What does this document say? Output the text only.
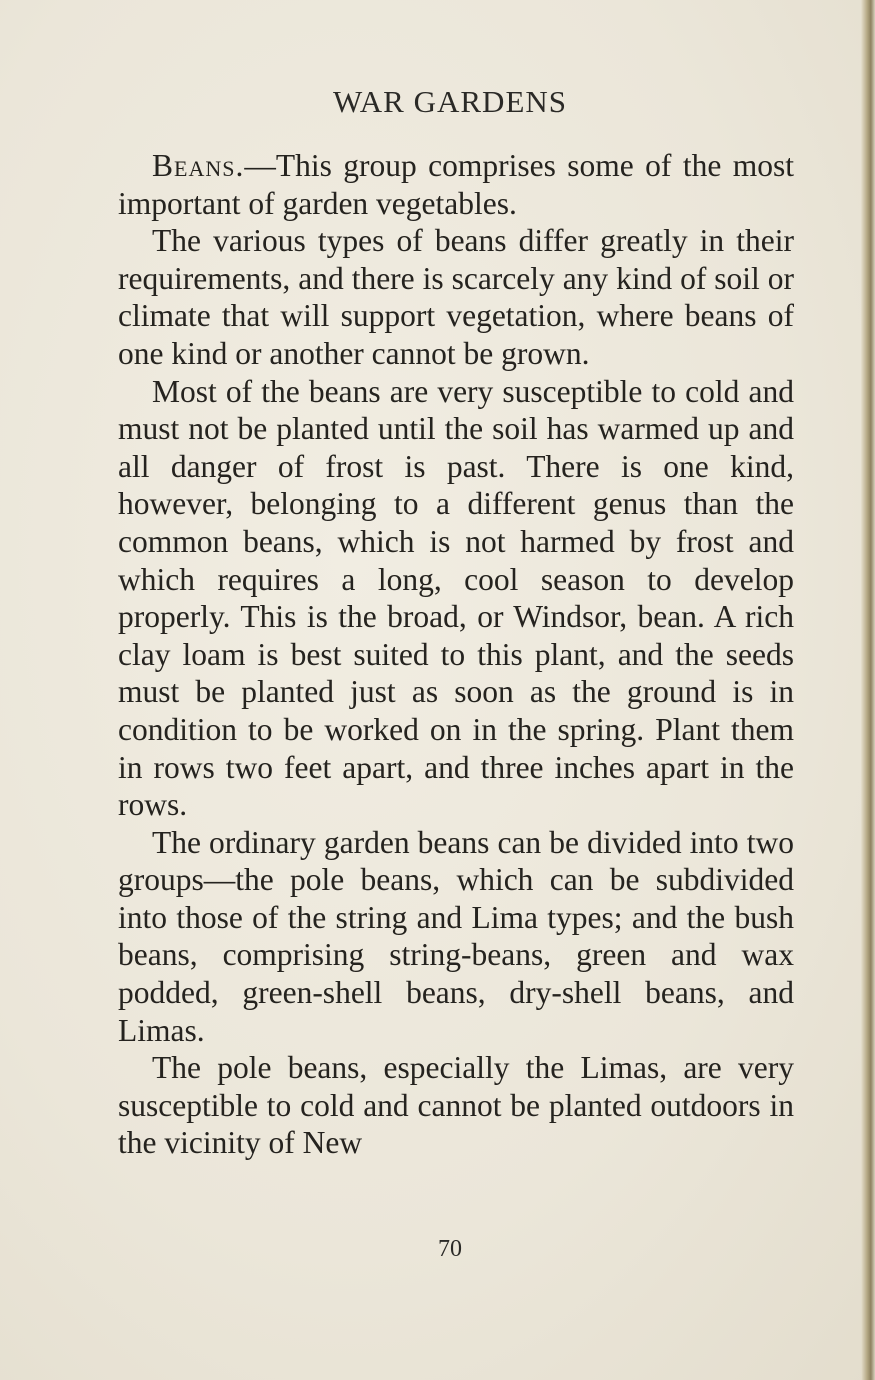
WAR GARDENS

Beans.—This group comprises some of the most important of garden vegetables.

The various types of beans differ greatly in their requirements, and there is scarcely any kind of soil or climate that will support vegetation, where beans of one kind or another cannot be grown.

Most of the beans are very susceptible to cold and must not be planted until the soil has warmed up and all danger of frost is past. There is one kind, however, belonging to a different genus than the common beans, which is not harmed by frost and which requires a long, cool season to develop properly. This is the broad, or Windsor, bean. A rich clay loam is best suited to this plant, and the seeds must be planted just as soon as the ground is in condition to be worked on in the spring. Plant them in rows two feet apart, and three inches apart in the rows.

The ordinary garden beans can be divided into two groups—the pole beans, which can be subdivided into those of the string and Lima types; and the bush beans, comprising string-beans, green and wax podded, green-shell beans, dry-shell beans, and Limas.

The pole beans, especially the Limas, are very susceptible to cold and cannot be planted outdoors in the vicinity of New

70
